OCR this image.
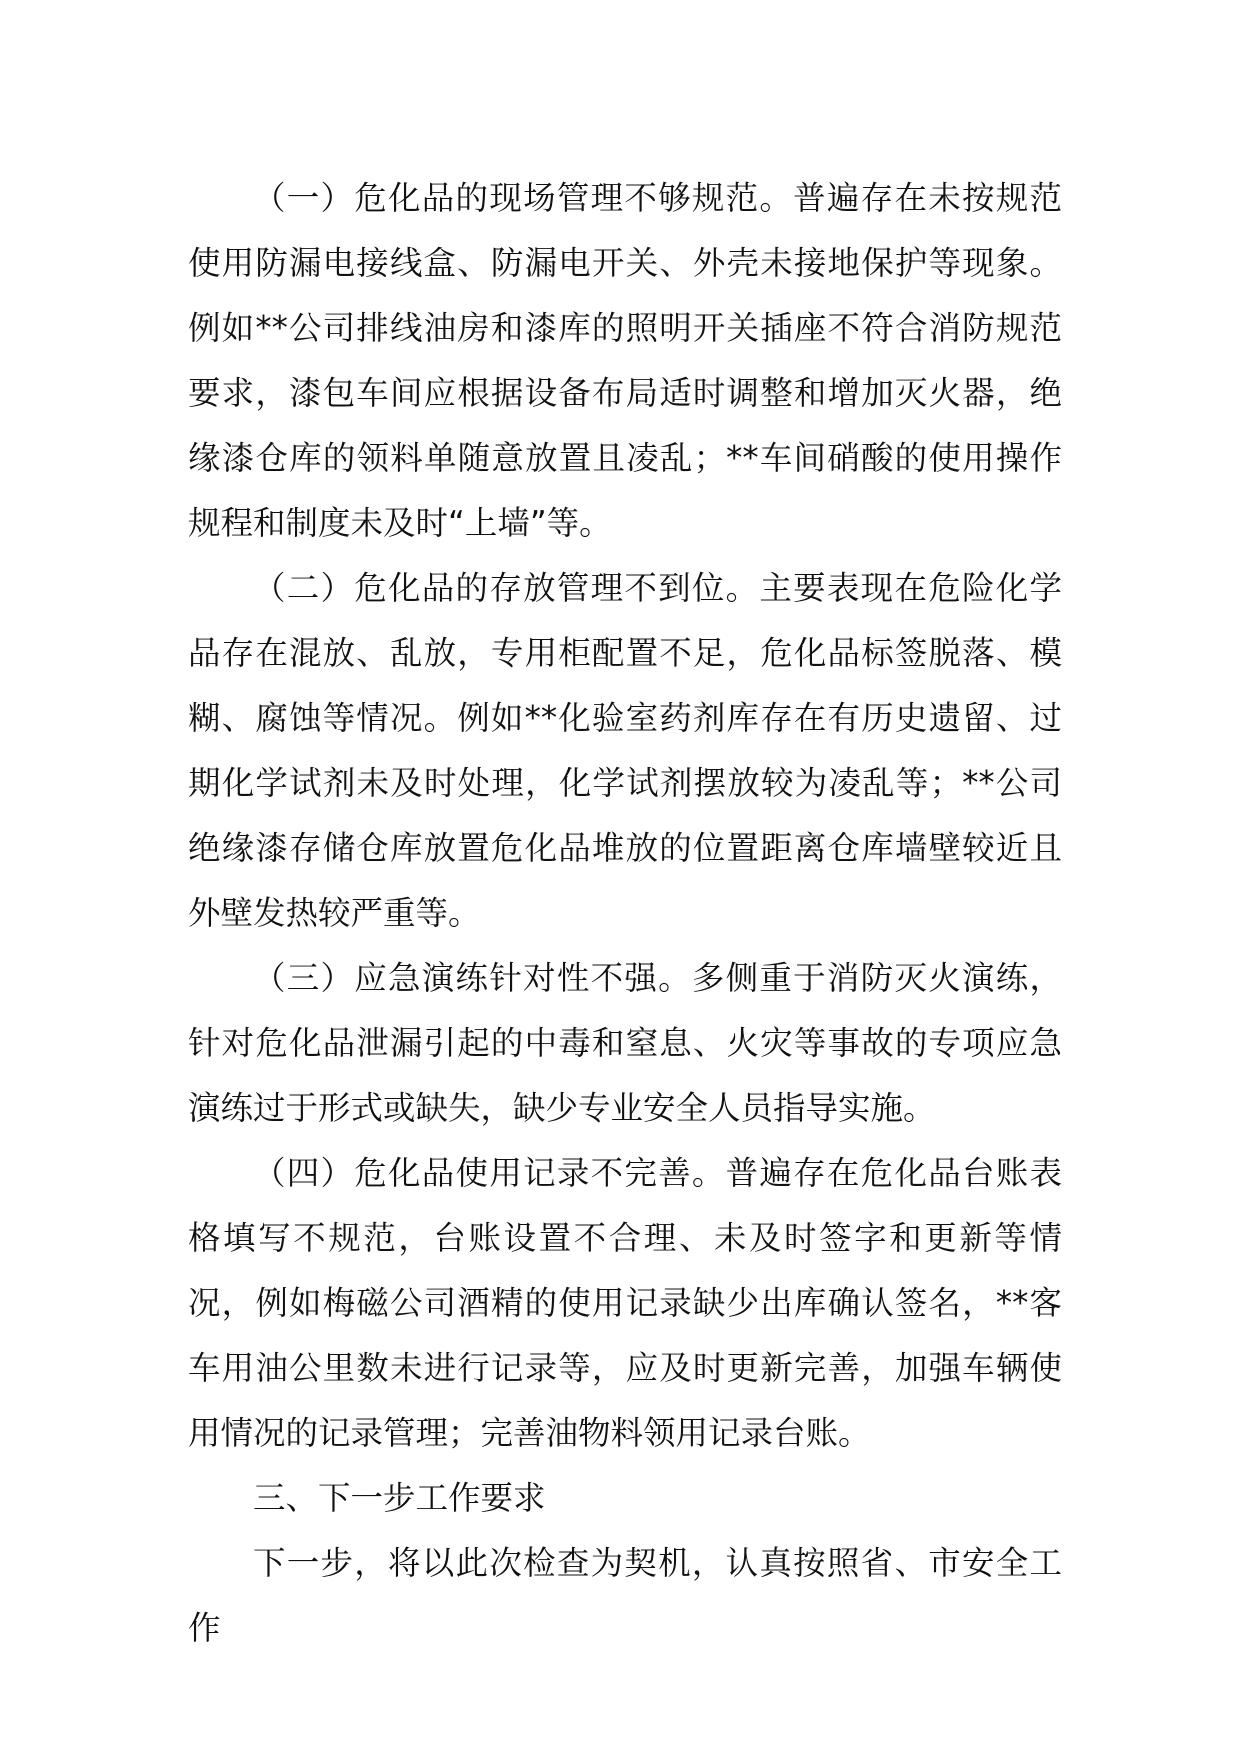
（一）危化品的现场管理不够规范。普遍存在未按规范使用防漏电接线盒、防漏电开关、外壳未接地保护等现象。例如**公司排线油房和漆库的照明开关插座不符合消防规范要求，漆包车间应根据设备布局适时调整和增加灭火器，绝缘漆仓库的领料单随意放置且凌乱；**车间硝酸的使用操作规程和制度未及时“上墙”等。

（二）危化品的存放管理不到位。主要表现在危险化学品存在混放、乱放，专用柜配置不足，危化品标签脱落、模糊、腐蚀等情况。例如**化验室药剂库存在有历史遗留、过期化学试剂未及时处理，化学试剂摆放较为凌乱等；**公司绝缘漆存储仓库放置危化品堆放的位置距离仓库墙壁较近且外壁发热较严重等。

（三）应急演练针对性不强。多侧重于消防灭火演练，针对危化品泄漏引起的中毒和窒息、火灾等事故的专项应急演练过于形式或缺失，缺少专业安全人员指导实施。

（四）危化品使用记录不完善。普遍存在危化品台账表格填写不规范，台账设置不合理、未及时签字和更新等情况，例如梅磁公司酒精的使用记录缺少出库确认签名，**客车用油公里数未进行记录等，应及时更新完善，加强车辆使用情况的记录管理；完善油物料领用记录台账。

三、下一步工作要求

下一步，将以此次检查为契机，认真按照省、市安全工作
